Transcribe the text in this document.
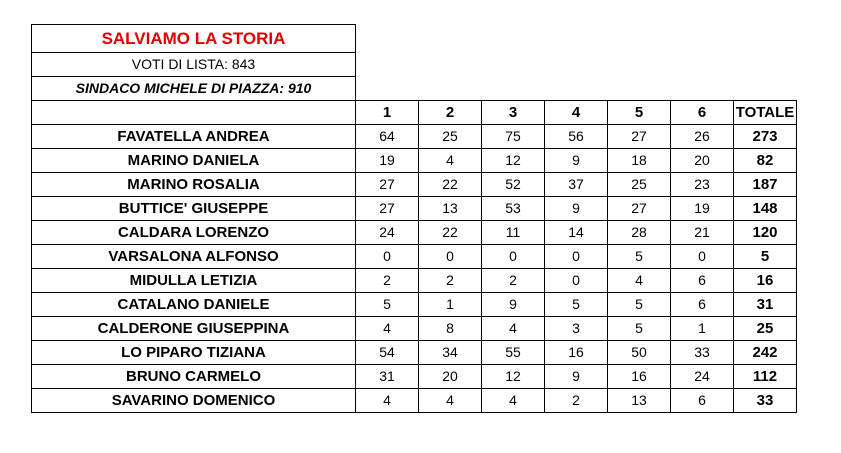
SALVIAMO LA STORIA							
VOTI DI LISTA: 843							
SINDACO MICHELE DI PIAZZA: 910							
	1	2	3	4	5	6	TOTALE
FAVATELLA ANDREA	64	25	75	56	27	26	273
MARINO DANIELA	19	4	12	9	18	20	82
MARINO ROSALIA	27	22	52	37	25	23	187
BUTTICE' GIUSEPPE	27	13	53	9	27	19	148
CALDARA LORENZO	24	22	11	14	28	21	120
VARSALONA ALFONSO	0	0	0	0	5	0	5
MIDULLA LETIZIA	2	2	2	0	4	6	16
CATALANO DANIELE	5	1	9	5	5	6	31
CALDERONE GIUSEPPINA	4	8	4	3	5	1	25
LO PIPARO TIZIANA	54	34	55	16	50	33	242
BRUNO CARMELO	31	20	12	9	16	24	112
SAVARINO DOMENICO	4	4	4	2	13	6	33
